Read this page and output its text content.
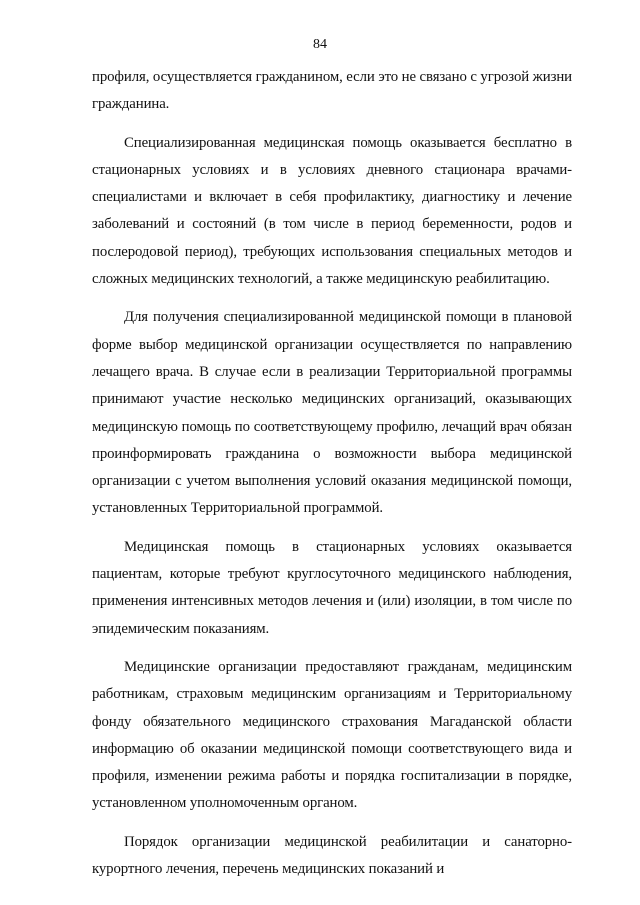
84

профиля, осуществляется гражданином, если это не связано с угрозой жизни гражданина.

Специализированная медицинская помощь оказывается бесплатно в стационарных условиях и в условиях дневного стационара врачами-специалистами и включает в себя профилактику, диагностику и лечение заболеваний и состояний (в том числе в период беременности, родов и послеродовой период), требующих использования специальных методов и сложных медицинских технологий, а также медицинскую реабилитацию.

Для получения специализированной медицинской помощи в плановой форме выбор медицинской организации осуществляется по направлению лечащего врача. В случае если в реализации Территориальной программы принимают участие несколько медицинских организаций, оказывающих медицинскую помощь по соответствующему профилю, лечащий врач обязан проинформировать гражданина о возможности выбора медицинской организации с учетом выполнения условий оказания медицинской помощи, установленных Территориальной программой.

Медицинская помощь в стационарных условиях оказывается пациентам, которые требуют круглосуточного медицинского наблюдения, применения интенсивных методов лечения и (или) изоляции, в том числе по эпидемическим показаниям.

Медицинские организации предоставляют гражданам, медицинским работникам, страховым медицинским организациям и Территориальному фонду обязательного медицинского страхования Магаданской области информацию об оказании медицинской помощи соответствующего вида и профиля, изменении режима работы и порядка госпитализации в порядке, установленном уполномоченным органом.

Порядок организации медицинской реабилитации и санаторно-курортного лечения, перечень медицинских показаний и
